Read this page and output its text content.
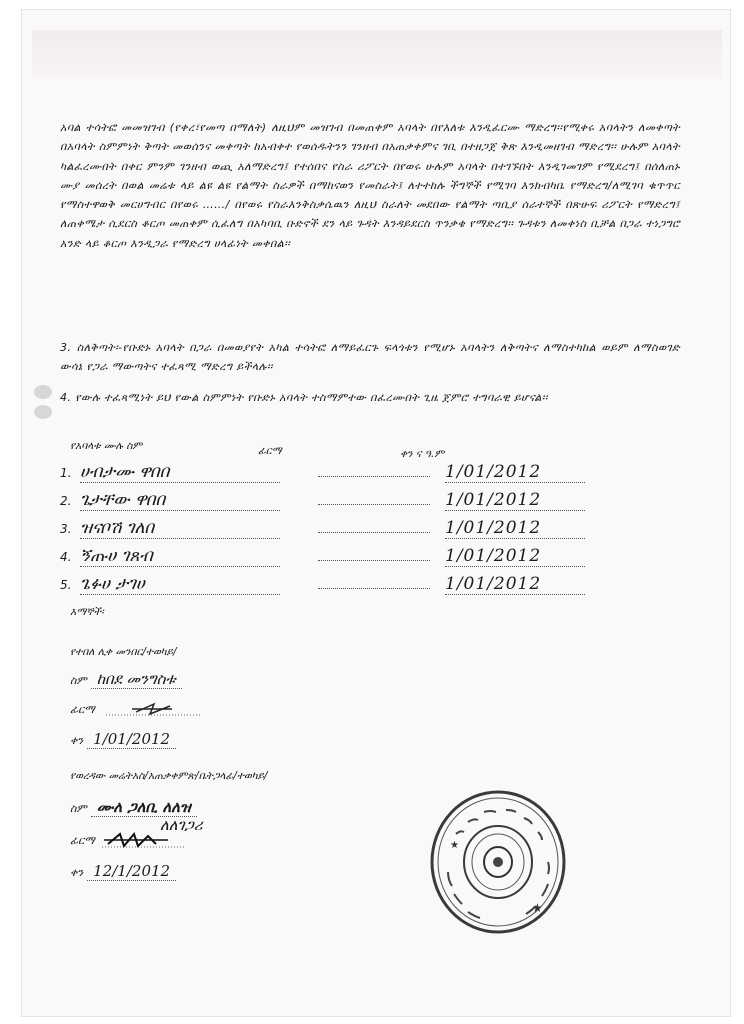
አባል ተሳትፎ መመዝገብ (የቀረ፣የመጣ በማለት) ለዚህም መዝገብ በመጠቀም አባላት በየእለቱ እንዲፈርሙ ማድረግ፡፡የሚቀሩ አባላትን ለመቀጣት በአባላት ስምምነት ቅጣት መወሰንና መቀጣት ከአብቀተ የወሰዱትንን ገንዘብ በአጠቃቀምና ገቢ በተዘጋጀ ቅጽ እንዲመዘገብ ማድረግ፡፡ ሁሉም አባላት ካልፈረሙበት በቀር ምንም ገንዘብ ወጪ አለማድረግ፤ የተሰበና የስራ ሪፖርት በየወሩ ሁሉም አባላት በተገኙበት እንዲገመገም የሚደረግ፤ በሰለጠኑ ሙያ መሰረት በወል መሬቱ ላይ ልዩ ልዩ የልማት ስራዎች በማከናወን የመስራት፤ ለተተከሉ ችግኞች የሚገባ እንክብካቤ የማድረግ/ለሚገባ ቁጥጥር የማስተዋወቅ መርሀግብር በየወሩ ……/ በየወሩ የስራእንቅስቃሴዉን ለዚህ ስራለት መደበው የልማት ጣቢያ ሰራተኞች በጽሁፍ ሪፖርት የማድረግ፤ ለጠቀሜታ ሲደርስ ቆርጦ መጠቀም ሲፈለግ በአካባቢ ቡድኖች ደን ላይ ጉዳት እንዳይደርስ ጥንቃቄ የማድረግ፡፡ ጉዳቱን ለመቀነስ ቢቻል በጋራ ተነጋግሮ አንድ ላይ ቆርጦ እንዲጋራ የማድረግ ሀላፊነት መቀበል፡፡

3. ስለቅጣት፡-የቡድኑ አባላት በጋራ በመወያየት አካል ተሳትፎ ለማይፈርጉ ፍላጎቱን የሚሆኑ አባላትን ለቅጣትና ለማስተካከል ወይም ለማስወገድ ውሳኔ የጋራ ማውጣትና ተፈጻሚ ማድረግ ይችላሉ፡፡

4. የውሉ ተፈጻሚነት ይህ የውል ስምምነት የቡድኑ አባላት ተስማምተው በፈረሙበት ጊዜ ጀምሮ ተግባራዊ ይሆናል፡፡

የአባላቱ ሙሉ ስም	ፊርማ	ቀን ና ዓ.ም
1. ሀብታሙ ዋበበ	1/01/2012
2. ጌታቸው ዋበበ	1/01/2012
3. ዝናቦሽ ገለበ	1/01/2012
4. ኝጡሀ ገጸብ	1/01/2012
5. ጌፉሀ ታገሀ	1/01/2012
እማኞች፡
የተበለ ሊቀ መንበር/ተወካይ/
ስም ከበደ መንግስቱ
ፊርማ
ቀን 1/01/2012
የወረዳው መሬትአስ/አጠቃቀምጽ/ቤትጋላፊ/ተወካይ/
ስም ሙለ ጋለቢ ለለዝ
ለለገጋሪ
ፊርማ
ቀን 12/1/2012
★
★
